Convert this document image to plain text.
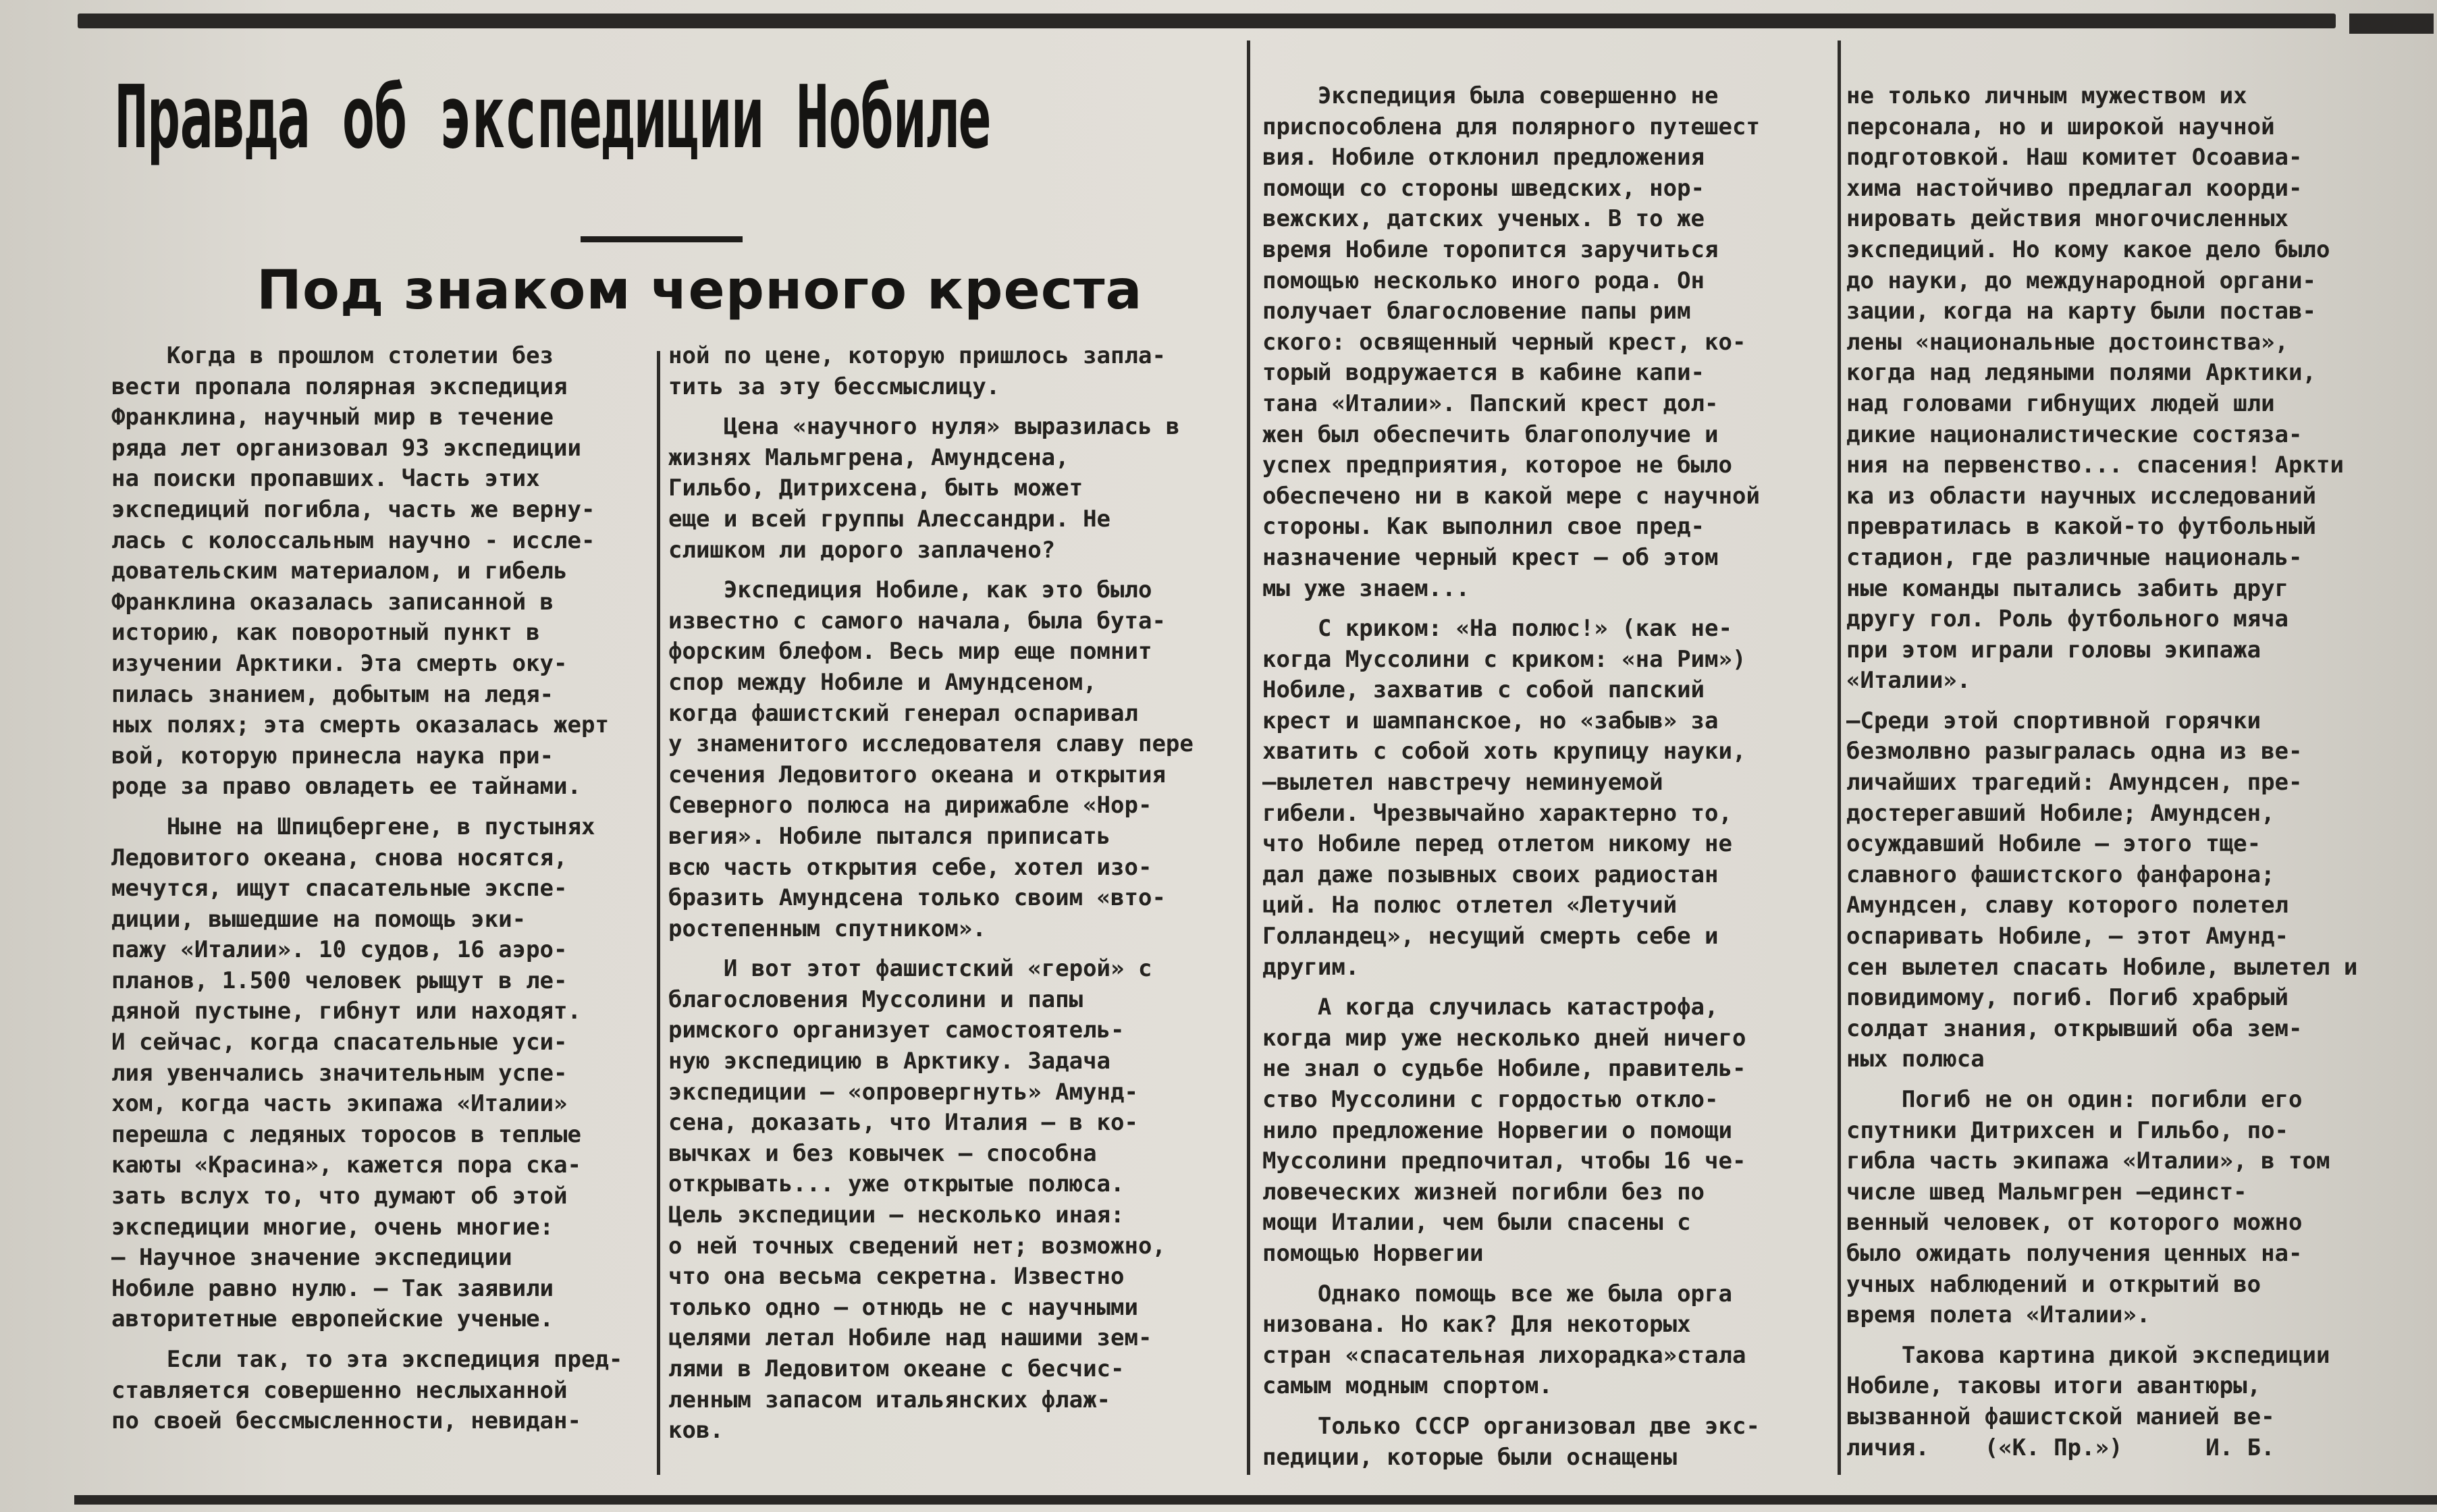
Правда об экспедиции Нобиле
Под знаком черного креста

Когда в прошлом столетии без
вести пропала полярная экспедиция
Франклина, научный мир в течение
ряда лет организовал 93 экспедиции
на поиски пропавших. Часть этих
экспедиций погибла, часть же верну-
лась с колоссальным научно - иссле-
довательским материалом, и гибель
Франклина оказалась записанной в
историю, как поворотный пункт в
изучении Арктики. Эта смерть оку-
пилась знанием, добытым на ледя-
ных полях; эта смерть оказалась жерт
вой, которую принесла наука при-
роде за право овладеть ее тайнами.

Ныне на Шпицбергене, в пустынях
Ледовитого океана, снова носятся,
мечутся, ищут спасательные экспе-
диции, вышедшие на помощь эки-
пажу «Италии». 10 судов, 16 аэро-
планов, 1.500 человек рыщут в ле-
дяной пустыне, гибнут или находят.
И сейчас, когда спасательные уси-
лия увенчались значительным успе-
хом, когда часть экипажа «Италии»
перешла с ледяных торосов в теплые
каюты «Красина», кажется пора ска-
зать вслух то, что думают об этой
экспедиции многие, очень многие:
— Научное значение экспедиции
Нобиле равно нулю. — Так заявили
авторитетные европейские ученые.

Если так, то эта экспедиция пред-
ставляется совершенно неслыханной
по своей бессмысленности, невидан-

ной по цене, которую пришлось запла-
тить за эту бессмыслицу.

Цена «научного нуля» выразилась в
жизнях Мальмгрена, Амундсена,
Гильбо, Дитрихсена, быть может
еще и всей группы Алессандри. Не
слишком ли дорого заплачено?

Экспедиция Нобиле, как это было
известно с самого начала, была бута-
форским блефом. Весь мир еще помнит
спор между Нобиле и Амундсеном,
когда фашистский генерал оспаривал
у знаменитого исследователя славу пере
сечения Ледовитого океана и открытия
Северного полюса на дирижабле «Нор-
вегия». Нобиле пытался приписать
всю часть открытия себе, хотел изо-
бразить Амундсена только своим «вто-
ростепенным спутником».

И вот этот фашистский «герой» с
благословения Муссолини и папы
римского организует самостоятель-
ную экспедицию в Арктику. Задача
экспедиции — «опровергнуть» Амунд-
сена, доказать, что Италия — в ко-
вычках и без ковычек — способна
открывать... уже открытые полюса.
Цель экспедиции — несколько иная:
о ней точных сведений нет; возможно,
что она весьма секретна. Известно
только одно — отнюдь не с научными
целями летал Нобиле над нашими зем-
лями в Ледовитом океане с бесчис-
ленным запасом итальянских флаж-
ков.

Экспедиция была совершенно не
приспособлена для полярного путешест
вия. Нобиле отклонил предложения
помощи со стороны шведских, нор-
вежских, датских ученых. В то же
время Нобиле торопится заручиться
помощью несколько иного рода. Он
получает благословение папы рим
ского: освященный черный крест, ко-
торый водружается в кабине капи-
тана «Италии». Папский крест дол-
жен был обеспечить благополучие и
успех предприятия, которое не было
обеспечено ни в какой мере с научной
стороны. Как выполнил свое пред-
назначение черный крест — об этом
мы уже знаем...

С криком: «На полюс!» (как не-
когда Муссолини с криком: «на Рим»)
Нобиле, захватив с собой папский
крест и шампанское, но «забыв» за
хватить с собой хоть крупицу науки,
—вылетел навстречу неминуемой
гибели. Чрезвычайно характерно то,
что Нобиле перед отлетом никому не
дал даже позывных своих радиостан
ций. На полюс отлетел «Летучий
Голландец», несущий смерть себе и
другим.

А когда случилась катастрофа,
когда мир уже несколько дней ничего
не знал о судьбе Нобиле, правитель-
ство Муссолини с гордостью откло-
нило предложение Норвегии о помощи
Муссолини предпочитал, чтобы 16 че-
ловеческих жизней погибли без по
мощи Италии, чем были спасены с
помощью Норвегии

Однако помощь все же была орга
низована. Но как? Для некоторых
стран «спасательная лихорадка»стала
самым модным спортом.

Только СССР организовал две экс-
педиции, которые были оснащены

не только личным мужеством их
персонала, но и широкой научной
подготовкой. Наш комитет Осоавиа-
хима настойчиво предлагал коорди-
нировать действия многочисленных
экспедиций. Но кому какое дело было
до науки, до международной органи-
зации, когда на карту были постав-
лены «национальные достоинства»,
когда над ледяными полями Арктики,
над головами гибнущих людей шли
дикие националистические состяза-
ния на первенство... спасения! Аркти
ка из области научных исследований
превратилась в какой-то футбольный
стадион, где различные националь-
ные команды пытались забить друг
другу гол. Роль футбольного мяча
при этом играли головы экипажа
«Италии».

—Среди этой спортивной горячки
безмолвно разыгралась одна из ве-
личайших трагедий: Амундсен, пре-
достерегавший Нобиле; Амундсен,
осуждавший Нобиле — этого тще-
славного фашистского фанфарона;
Амундсен, славу которого полетел
оспаривать Нобиле, — этот Амунд-
сен вылетел спасать Нобиле, вылетел и
повидимому, погиб. Погиб храбрый
солдат знания, открывший оба зем-
ных полюса

Погиб не он один: погибли его
спутники Дитрихсен и Гильбо, по-
гибла часть экипажа «Италии», в том
числе швед Мальмгрен —единст-
венный человек, от которого можно
было ожидать получения ценных на-
учных наблюдений и открытий во
время полета «Италии».

Такова картина дикой экспедиции
Нобиле, таковы итоги авантюры,
вызванной фашистской манией ве-
личия. («К. Пр.»)	И. Б.
